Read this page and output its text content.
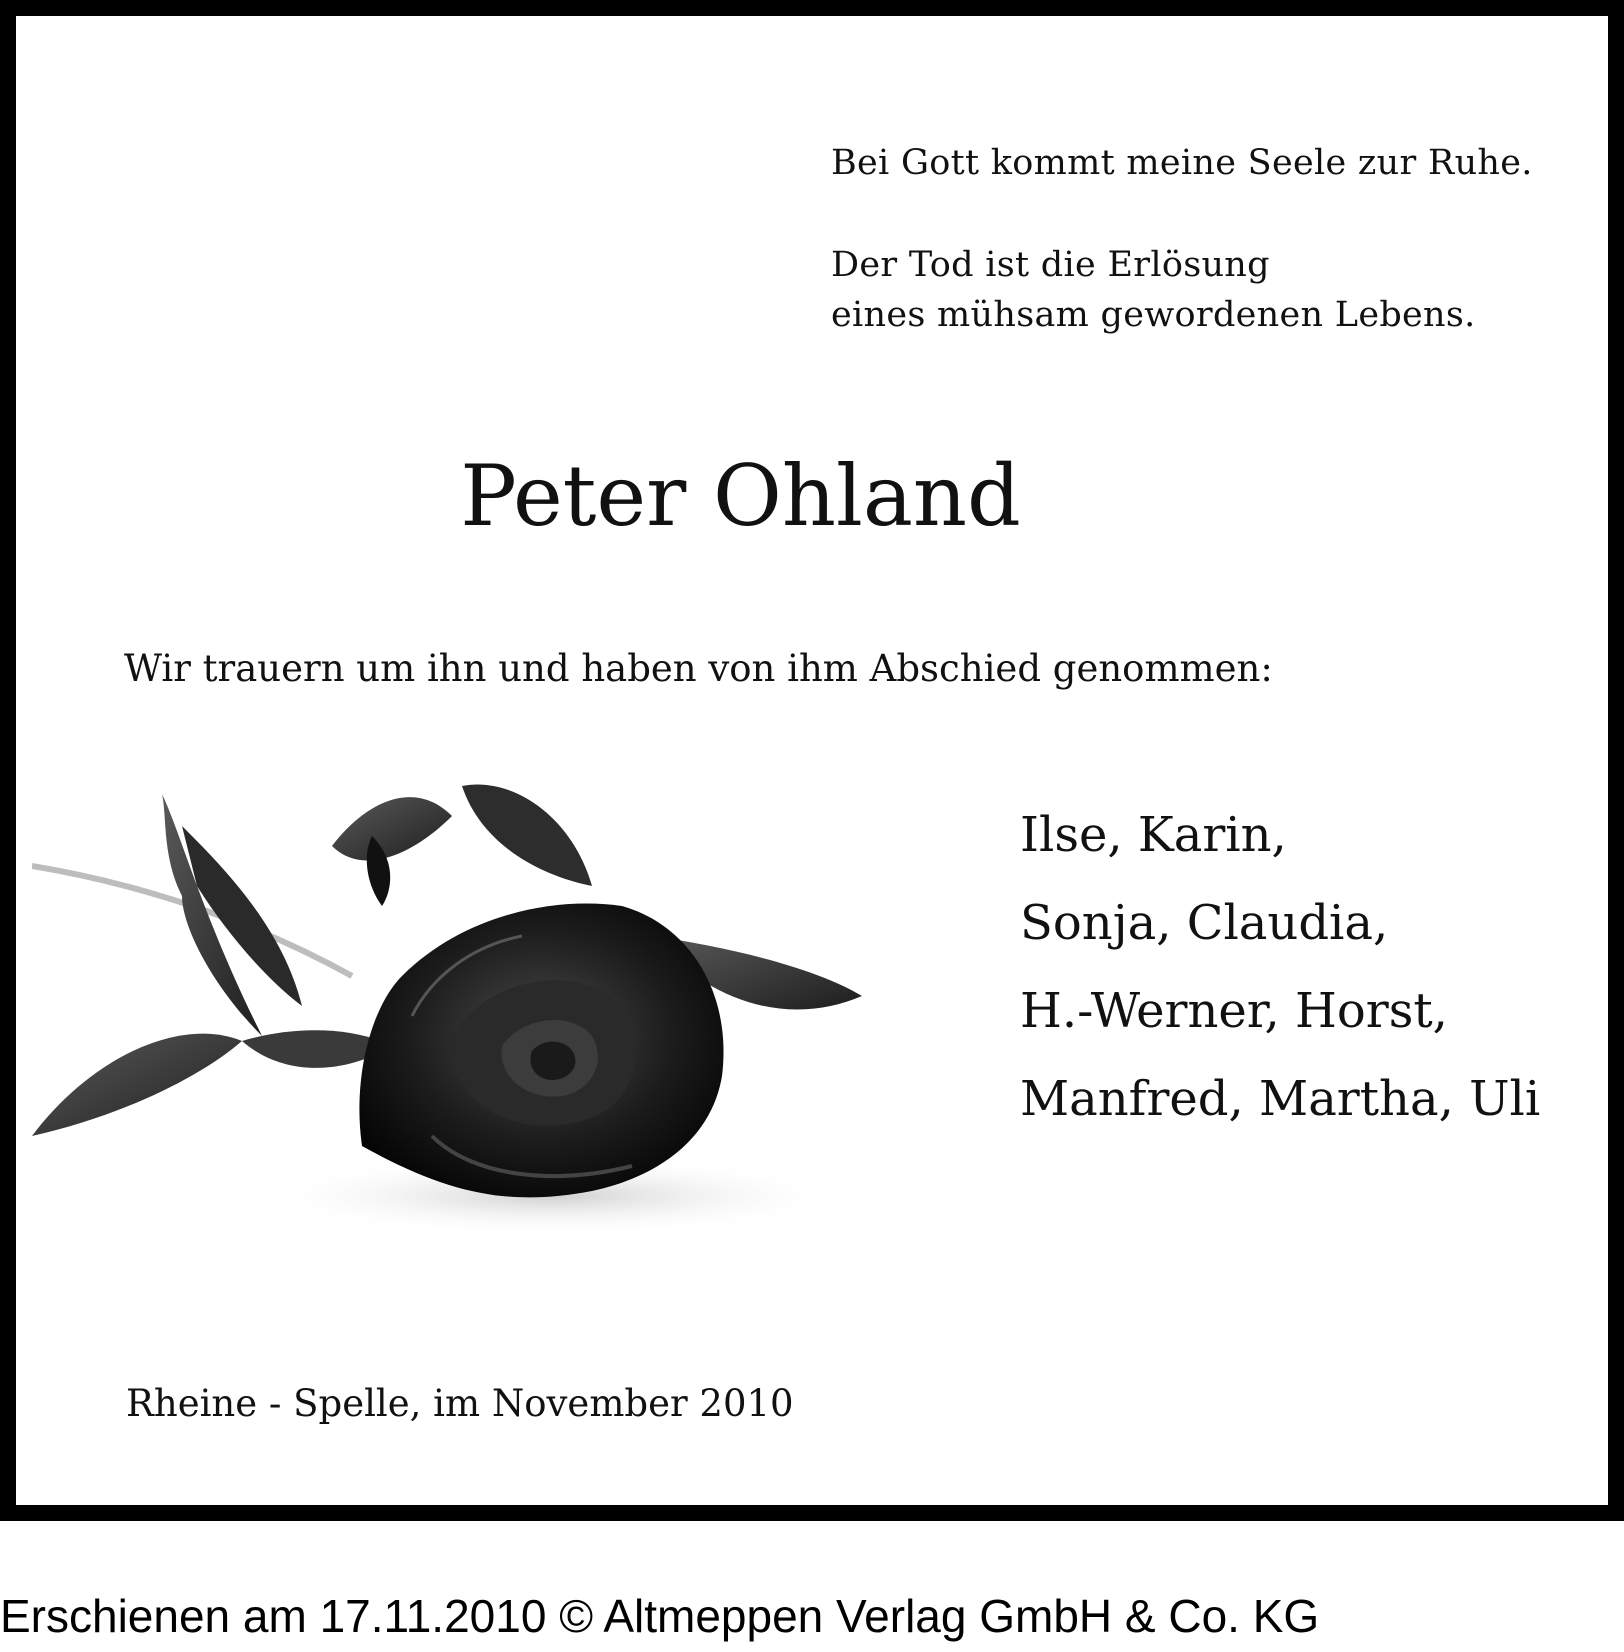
Bei Gott kommt meine Seele zur Ruhe.
Der Tod ist die Erlösung
eines mühsam gewordenen Lebens.
Peter Ohland
Wir trauern um ihn und haben von ihm Abschied genommen:
Ilse, Karin,
Sonja, Claudia,
H.-Werner, Horst,
Manfred, Martha, Uli
Rheine - Spelle, im November 2010
Erschienen am 17.11.2010 © Altmeppen Verlag GmbH & Co. KG
